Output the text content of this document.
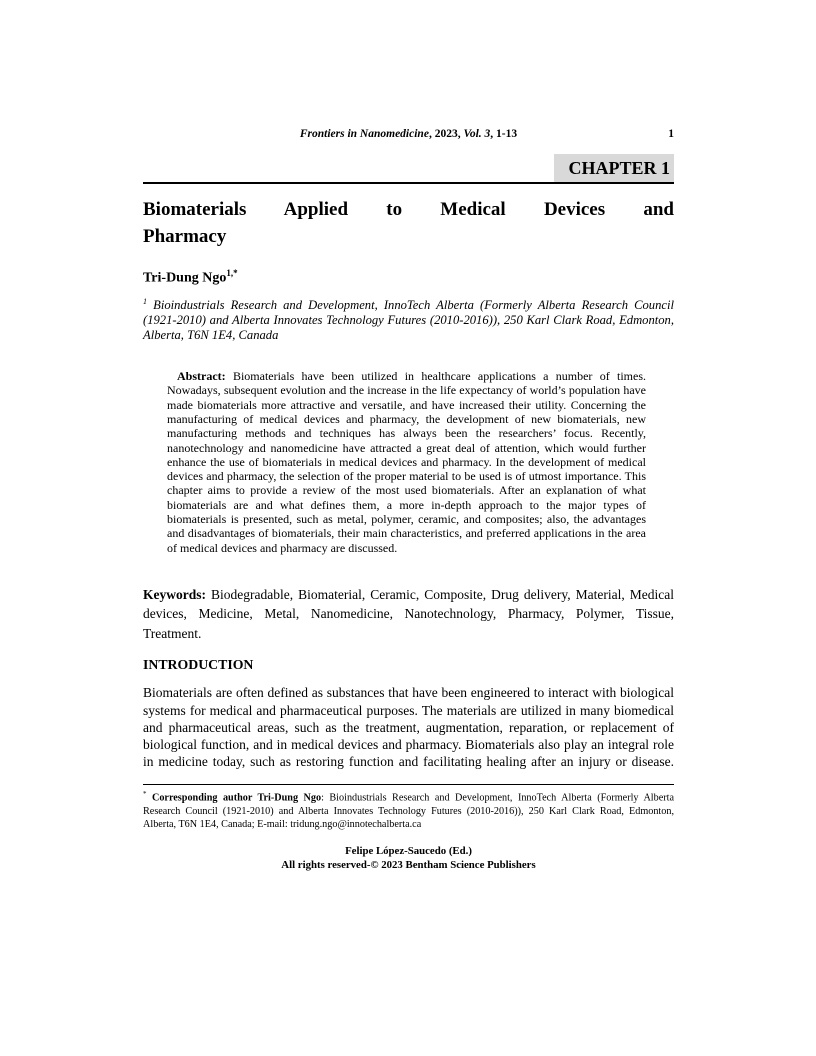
Frontiers in Nanomedicine, 2023, Vol. 3, 1-13	1
CHAPTER 1
Biomaterials Applied to Medical Devices and
Pharmacy
Tri-Dung Ngo$^{1,*}$
$^1$ Bioindustrials Research and Development, InnoTech Alberta (Formerly Alberta Research Council (1921-2010) and Alberta Innovates Technology Futures (2010-2016)), 250 Karl Clark Road, Edmonton, Alberta, T6N 1E4, Canada

Abstract: Biomaterials have been utilized in healthcare applications a number of times. Nowadays, subsequent evolution and the increase in the life expectancy of world’s population have made biomaterials more attractive and versatile, and have increased their utility. Concerning the manufacturing of medical devices and pharmacy, the development of new biomaterials, new manufacturing methods and techniques has always been the researchers’ focus. Recently, nanotechnology and nanomedicine have attracted a great deal of attention, which would further enhance the use of biomaterials in medical devices and pharmacy. In the development of medical devices and pharmacy, the selection of the proper material to be used is of utmost importance. This chapter aims to provide a review of the most used biomaterials. After an explanation of what biomaterials are and what defines them, a more in-depth approach to the major types of biomaterials is presented, such as metal, polymer, ceramic, and composites; also, the advantages and disadvantages of biomaterials, their main characteristics, and preferred applications in the area of medical devices and pharmacy are discussed.

Keywords: Biodegradable, Biomaterial, Ceramic, Composite, Drug delivery, Material, Medical devices, Medicine, Metal, Nanomedicine, Nanotechnology, Pharmacy, Polymer, Tissue, Treatment.

INTRODUCTION

Biomaterials are often defined as substances that have been engineered to interact with biological systems for medical and pharmaceutical purposes. The materials are utilized in many biomedical and pharmaceutical areas, such as the treatment, augmentation, reparation, or replacement of biological function, and in medical devices and pharmacy. Biomaterials also play an integral role in medicine today, such as restoring function and facilitating healing after an injury or disease.

* Corresponding author Tri-Dung Ngo: Bioindustrials Research and Development, InnoTech Alberta (Formerly Alberta Research Council (1921-2010) and Alberta Innovates Technology Futures (2010-2016)), 250 Karl Clark Road, Edmonton, Alberta, T6N 1E4, Canada; E-mail: tridung.ngo@innotechalberta.ca
Felipe López-Saucedo (Ed.)
All rights reserved-© 2023 Bentham Science Publishers
